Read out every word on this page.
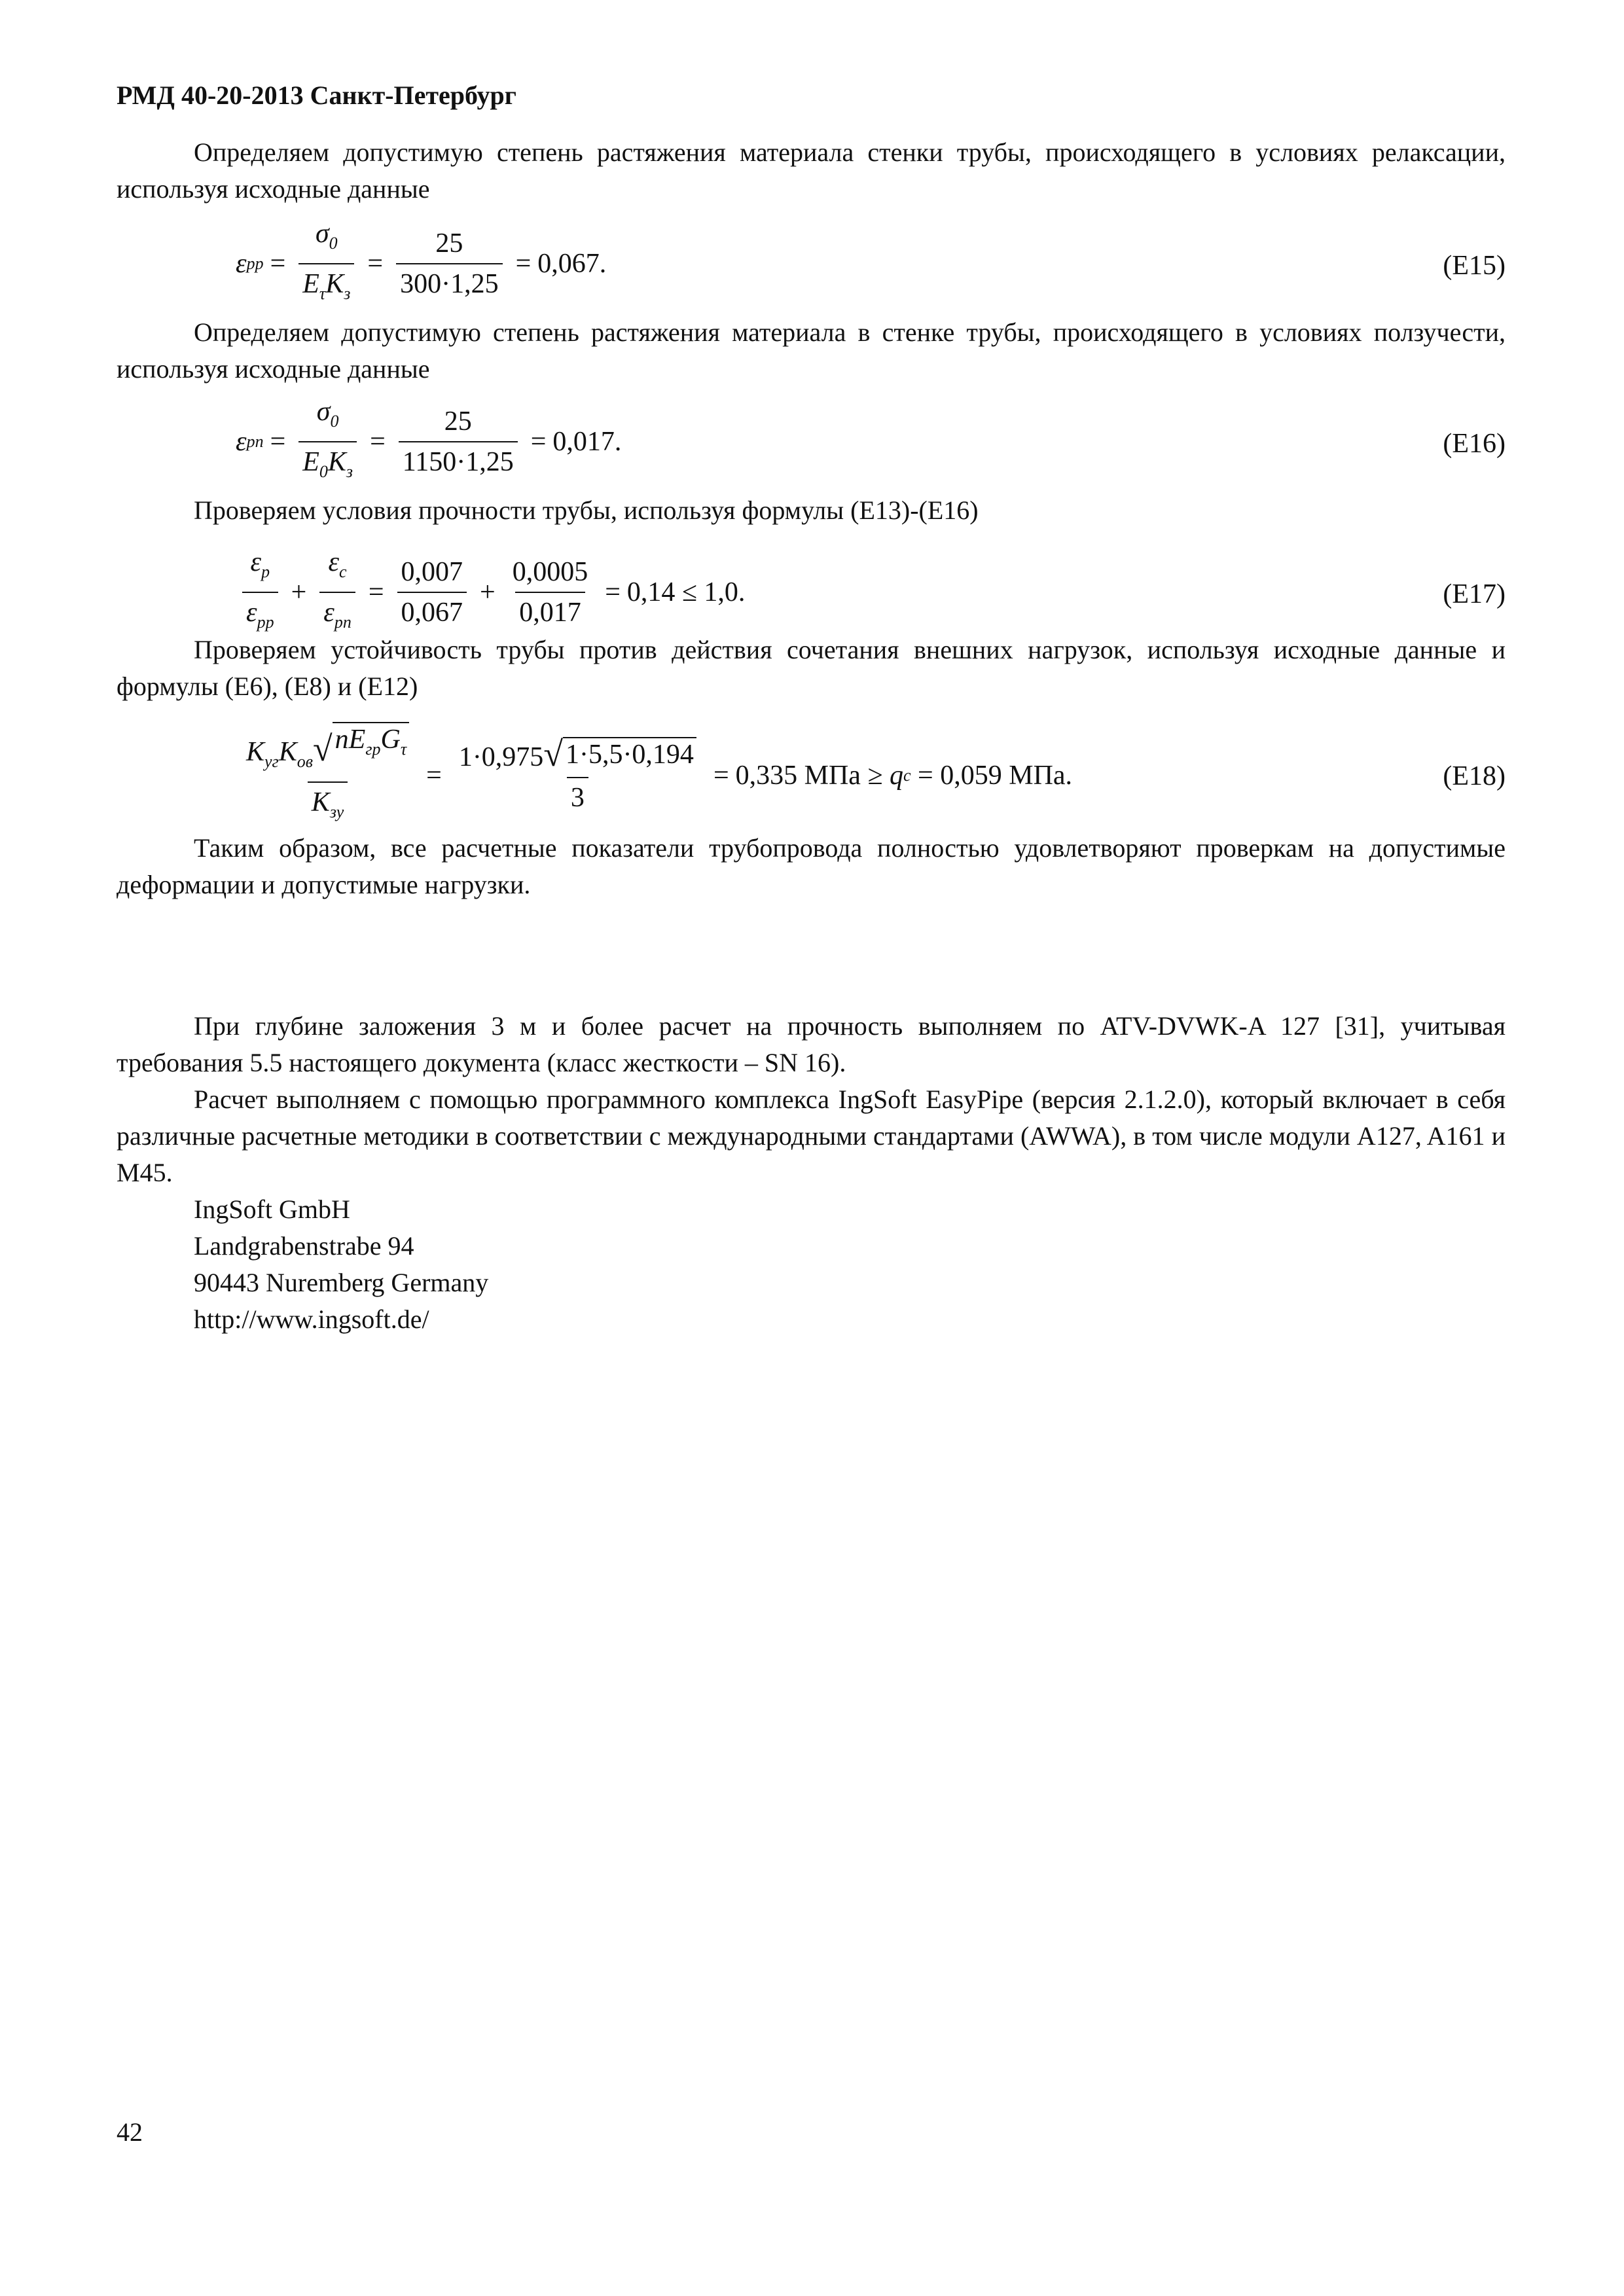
РМД 40-20-2013 Санкт-Петербург

Определяем допустимую степень растяжения материала стенки трубы, происходящего в условиях релаксации, используя исходные данные

ε pp = $\frac{\sigma_0}{E_\tau K_з} = \frac{25}{300\cdot 1,25} = 0,067$.	(E15)

Определяем допустимую степень растяжения материала в стенке трубы, происходящего в условиях ползучести, используя исходные данные

ε pn = $\frac{\sigma_0}{E_0K_з} = \frac{25}{1150\cdot 1,25} = 0,017$.	(E16)

Проверяем условия прочности трубы, используя формулы (E13)-(E16)

$\frac{\varepsilon_p}{\varepsilon_{pp}} + \frac{\varepsilon_c}{\varepsilon_{pn}} = \frac{0,007}{0,067} + \frac{0,0005}{0,017} = 0,14 \le 1,0$.	(E17)

Проверяем устойчивость трубы против действия сочетания внешних нагрузок, используя исходные данные и формулы (E6), (E8) и (E12)

$\frac{K_{уг}K_{ов} √ nE_{гр}G_\tau}{K_{зу}} = \frac{1\cdot 0,975 √ 1\cdot 5,5\cdot 0,194}{3} = 0,335$ МПа ≥
q c
= 0,059 МПа.	(E18)

Таким образом, все расчетные показатели трубопровода полностью удовлетворяют проверкам на допустимые деформации и допустимые нагрузки.

При глубине заложения 3 м и более расчет на прочность выполняем по ATV-DVWK-A 127 [31], учитывая требования 5.5 настоящего документа (класс жесткости – SN 16).

Расчет выполняем с помощью программного комплекса IngSoft EasyPipe (версия 2.1.2.0), который включает в себя различные расчетные методики в соответствии с международными стандартами (AWWA), в том числе модули A127, A161 и M45.

IngSoft GmbH
Landgrabenstrabe 94
90443 Nuremberg Germany
http://www.ingsoft.de/
42
